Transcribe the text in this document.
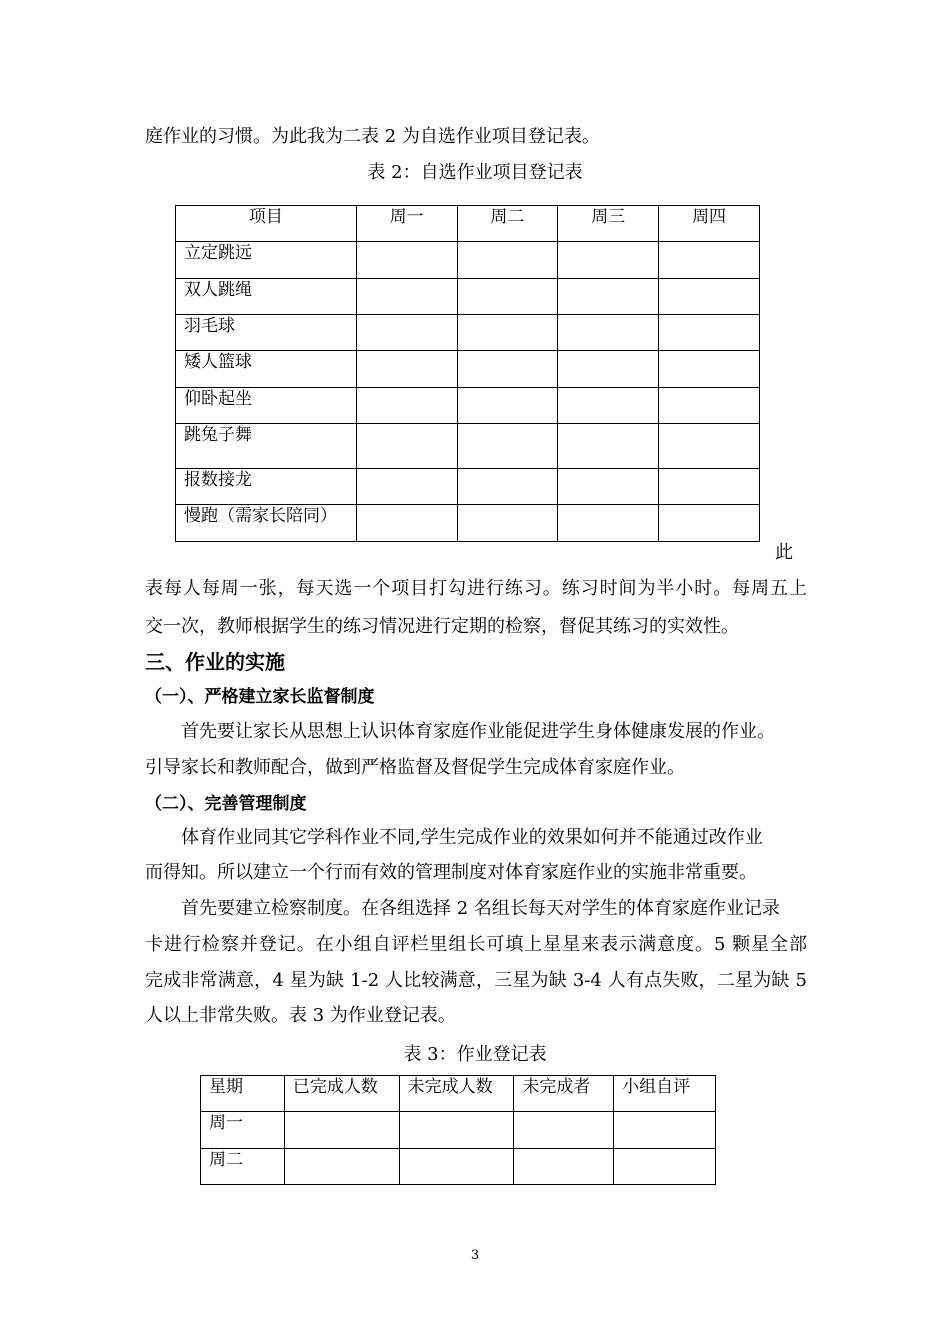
庭作业的习惯。为此我为二表 2 为自选作业项目登记表。
表 2：自选作业项目登记表
项目	周一	周二	周三	周四
立定跳远				
双人跳绳				
羽毛球				
矮人篮球				
仰卧起坐				
跳兔子舞				
报数接龙				
慢跑（需家长陪同）				
此
表每人每周一张，每天选一个项目打勾进行练习。练习时间为半小时。每周五上
交一次，教师根据学生的练习情况进行定期的检察，督促其练习的实效性。
三、作业的实施
（一）、严格建立家长监督制度
首先要让家长从思想上认识体育家庭作业能促进学生身体健康发展的作业。
引导家长和教师配合，做到严格监督及督促学生完成体育家庭作业。
（二）、完善管理制度
体育作业同其它学科作业不同,学生完成作业的效果如何并不能通过改作业
而得知。所以建立一个行而有效的管理制度对体育家庭作业的实施非常重要。
首先要建立检察制度。在各组选择 2 名组长每天对学生的体育家庭作业记录
卡进行检察并登记。在小组自评栏里组长可填上星星来表示满意度。5 颗星全部
完成非常满意，4 星为缺 1-2 人比较满意，三星为缺 3-4 人有点失败，二星为缺 5
人以上非常失败。表 3 为作业登记表。
表 3：作业登记表
星期	已完成人数	未完成人数	未完成者	小组自评
周一				
周二				
3
